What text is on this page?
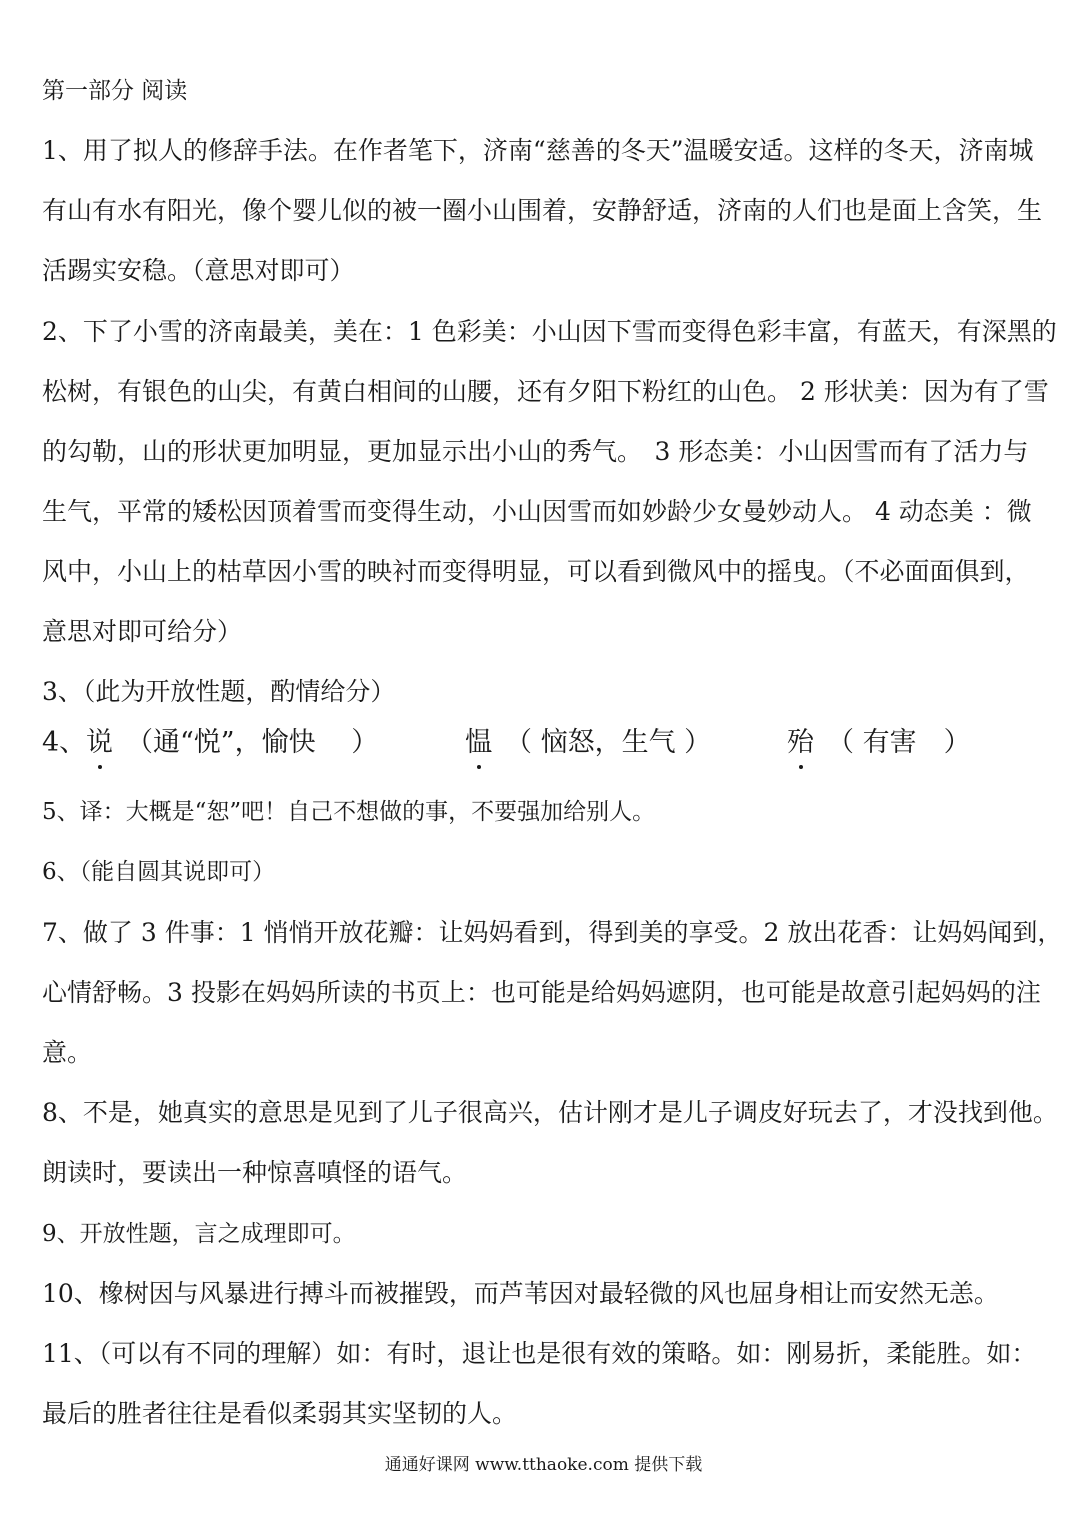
第一部分 阅读
1、用了拟人的修辞手法。在作者笔下，济南“慈善的冬天”温暖安适。这样的冬天，济南城
有山有水有阳光，像个婴儿似的被一圈小山围着，安静舒适，济南的人们也是面上含笑，生
活踢实安稳。（意思对即可）
2、下了小雪的济南最美，美在：1 色彩美：小山因下雪而变得色彩丰富，有蓝天，有深黑的
松树，有银色的山尖，有黄白相间的山腰，还有夕阳下粉红的山色。 2 形状美：因为有了雪
的勾勒，山的形状更加明显，更加显示出小山的秀气。　3 形态美：小山因雪而有了活力与
生气，平常的矮松因顶着雪而变得生动，小山因雪而如妙龄少女曼妙动人。 4 动态美 ：微
风中，小山上的枯草因小雪的映衬而变得明显，可以看到微风中的摇曳。（不必面面俱到，
意思对即可给分）
3、（此为开放性题，酌情给分）
4、 说 （通“悦”，愉快　 ）	愠 （ 恼怒，生气 ）	殆 （ 有害　）
5、译：大概是“恕”吧！自己不想做的事，不要强加给别人。
6、（能自圆其说即可）
7、做了 3 件事：1 悄悄开放花瓣：让妈妈看到，得到美的享受。2 放出花香：让妈妈闻到，
心情舒畅。3 投影在妈妈所读的书页上：也可能是给妈妈遮阴，也可能是故意引起妈妈的注
意。
8、不是，她真实的意思是见到了儿子很高兴，估计刚才是儿子调皮好玩去了，才没找到他。
朗读时，要读出一种惊喜嗔怪的语气。
9、开放性题，言之成理即可。
10、橡树因与风暴进行搏斗而被摧毁，而芦苇因对最轻微的风也屈身相让而安然无恙。
11、（可以有不同的理解）如：有时，退让也是很有效的策略。如：刚易折，柔能胜。如：
最后的胜者往往是看似柔弱其实坚韧的人。
通通好课网 www.tthaoke.com 提供下载
